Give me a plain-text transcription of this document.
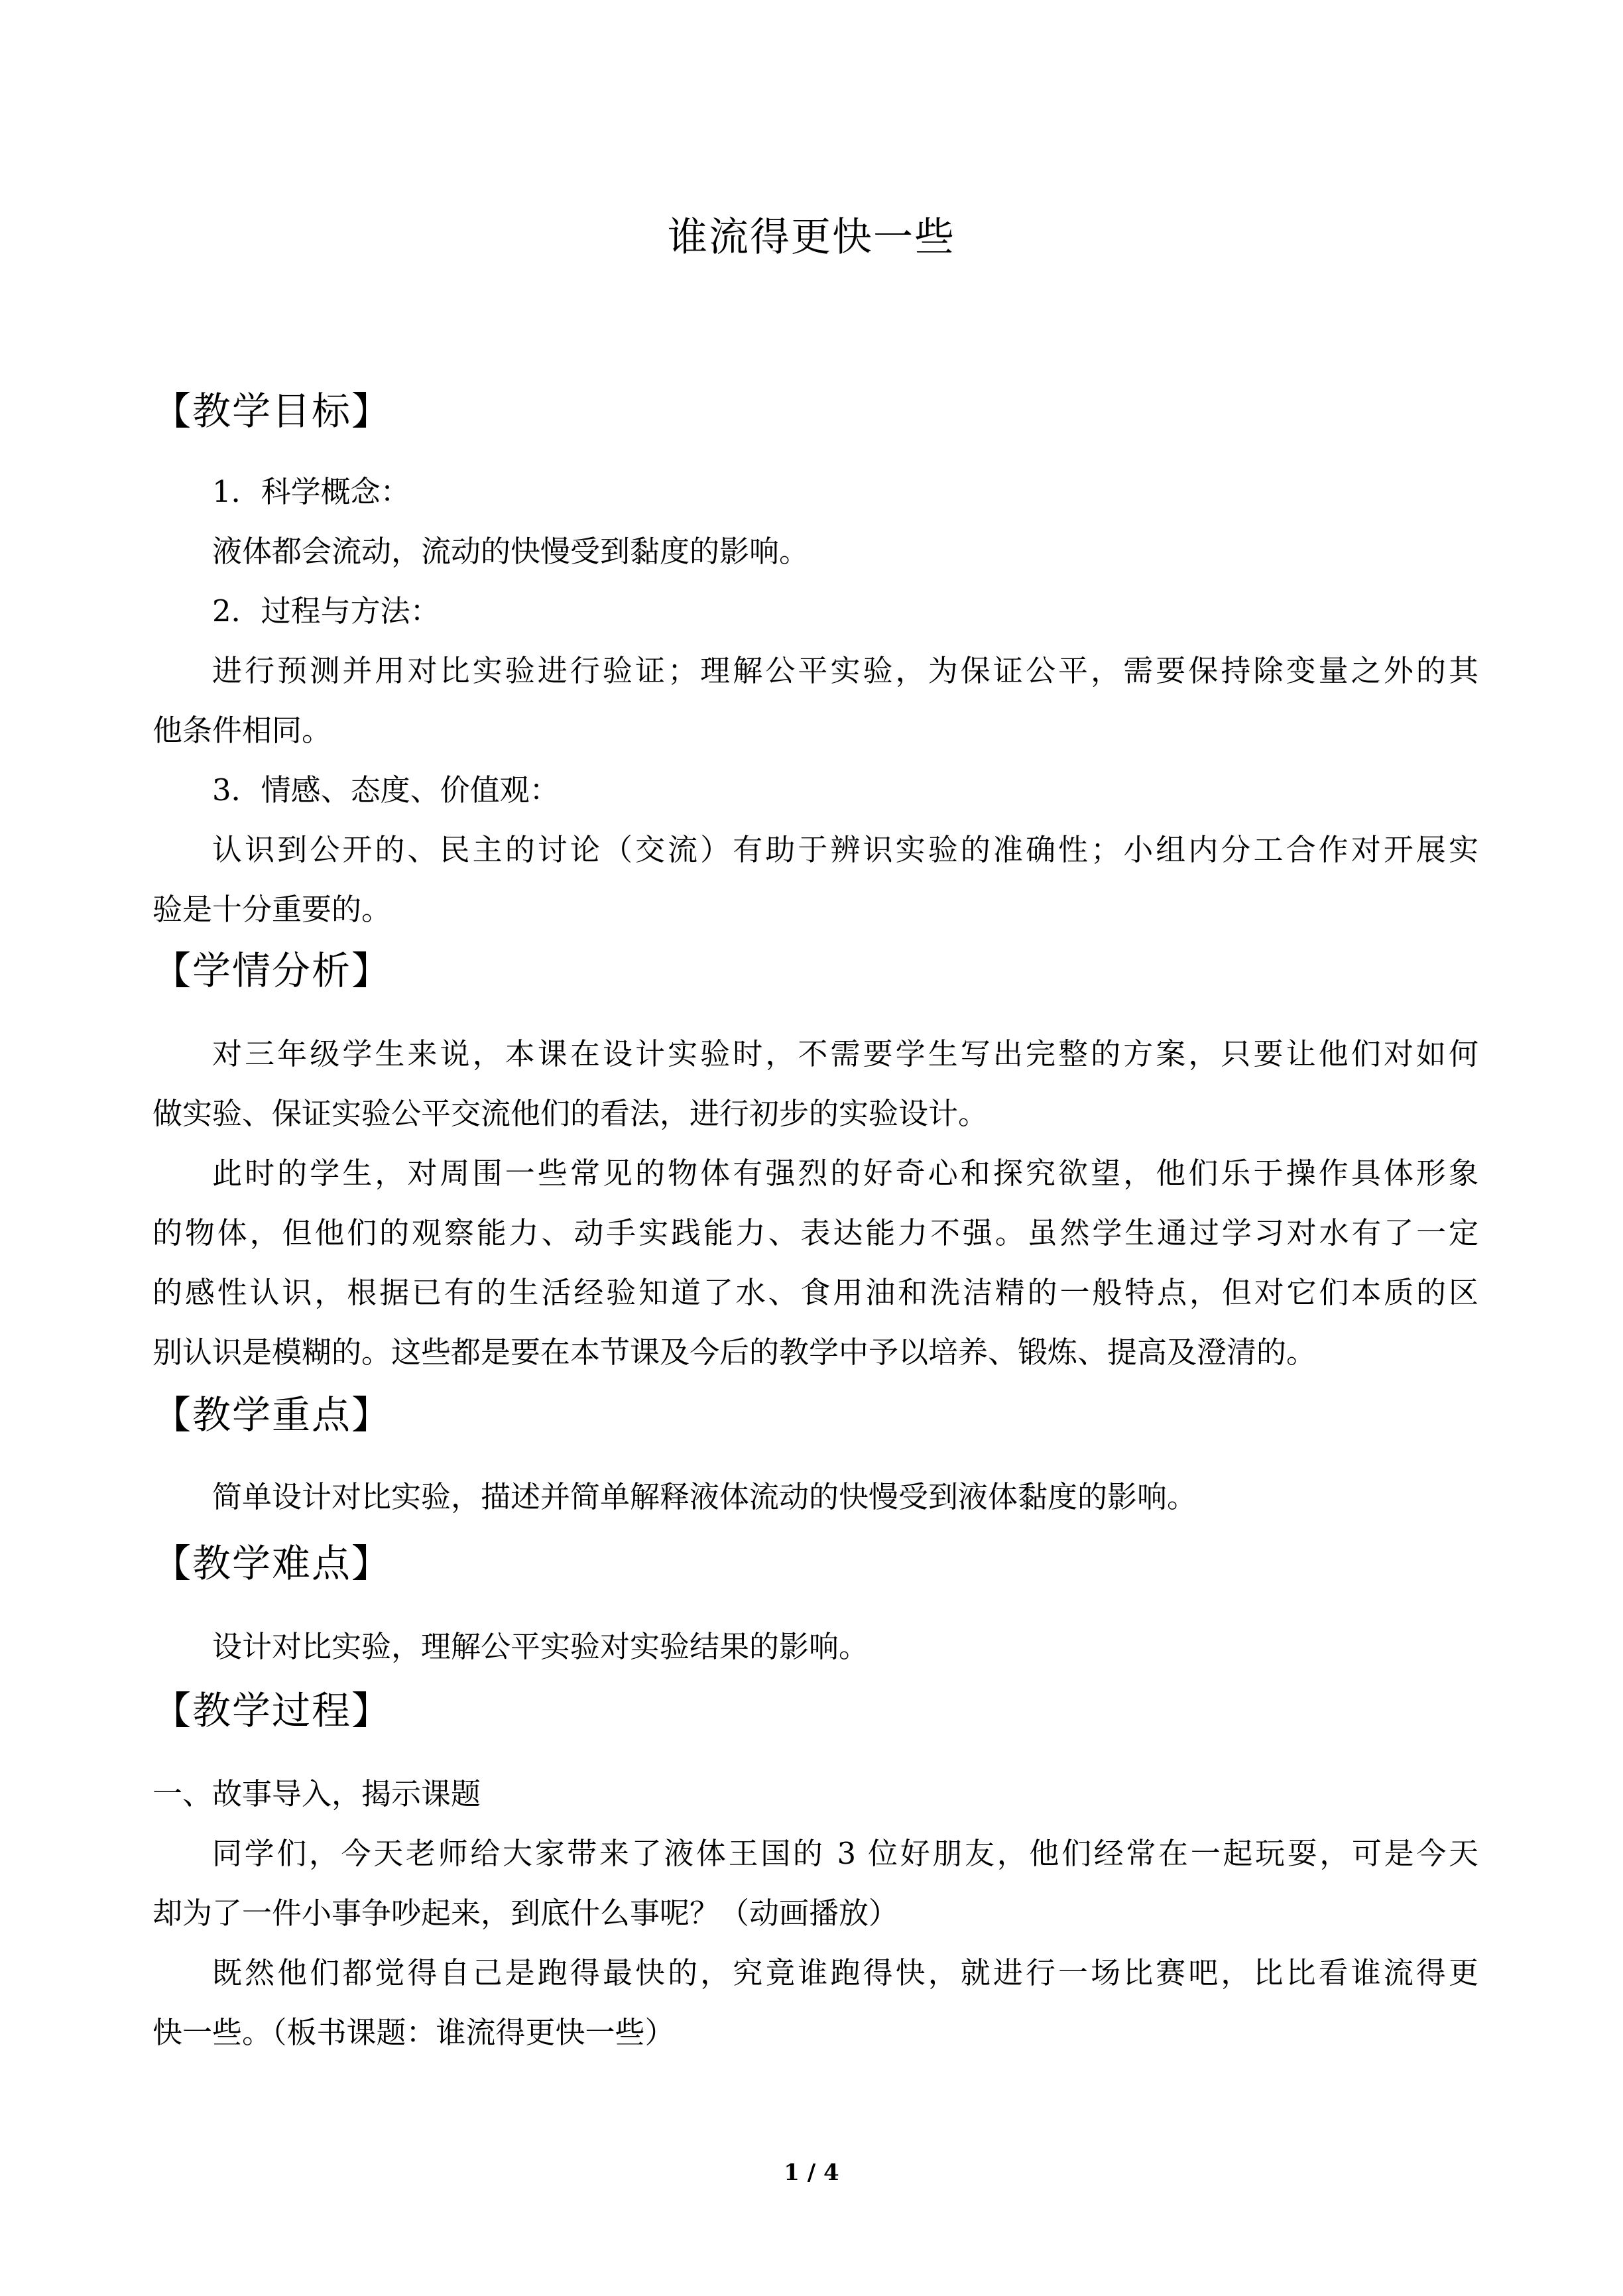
谁流得更快一些
【教学目标】
1．科学概念：
液体都会流动，流动的快慢受到黏度的影响。
2．过程与方法：
进行预测并用对比实验进行验证；理解公平实验，为保证公平，需要保持除变量之外的其
他条件相同。
3．情感、态度、价值观：
认识到公开的、民主的讨论（交流）有助于辨识实验的准确性；小组内分工合作对开展实
验是十分重要的。
【学情分析】
对三年级学生来说，本课在设计实验时，不需要学生写出完整的方案，只要让他们对如何
做实验、保证实验公平交流他们的看法，进行初步的实验设计。
此时的学生，对周围一些常见的物体有强烈的好奇心和探究欲望，他们乐于操作具体形象
的物体，但他们的观察能力、动手实践能力、表达能力不强。虽然学生通过学习对水有了一定
的感性认识，根据已有的生活经验知道了水、食用油和洗洁精的一般特点，但对它们本质的区
别认识是模糊的。这些都是要在本节课及今后的教学中予以培养、锻炼、提高及澄清的。
【教学重点】
简单设计对比实验，描述并简单解释液体流动的快慢受到液体黏度的影响。
【教学难点】
设计对比实验，理解公平实验对实验结果的影响。
【教学过程】
一、故事导入，揭示课题
同学们，今天老师给大家带来了液体王国的 3 位好朋友，他们经常在一起玩耍，可是今天
却为了一件小事争吵起来，到底什么事呢？（动画播放）
既然他们都觉得自己是跑得最快的，究竟谁跑得快，就进行一场比赛吧，比比看谁流得更
快一些。（板书课题：谁流得更快一些）
1 / 4
